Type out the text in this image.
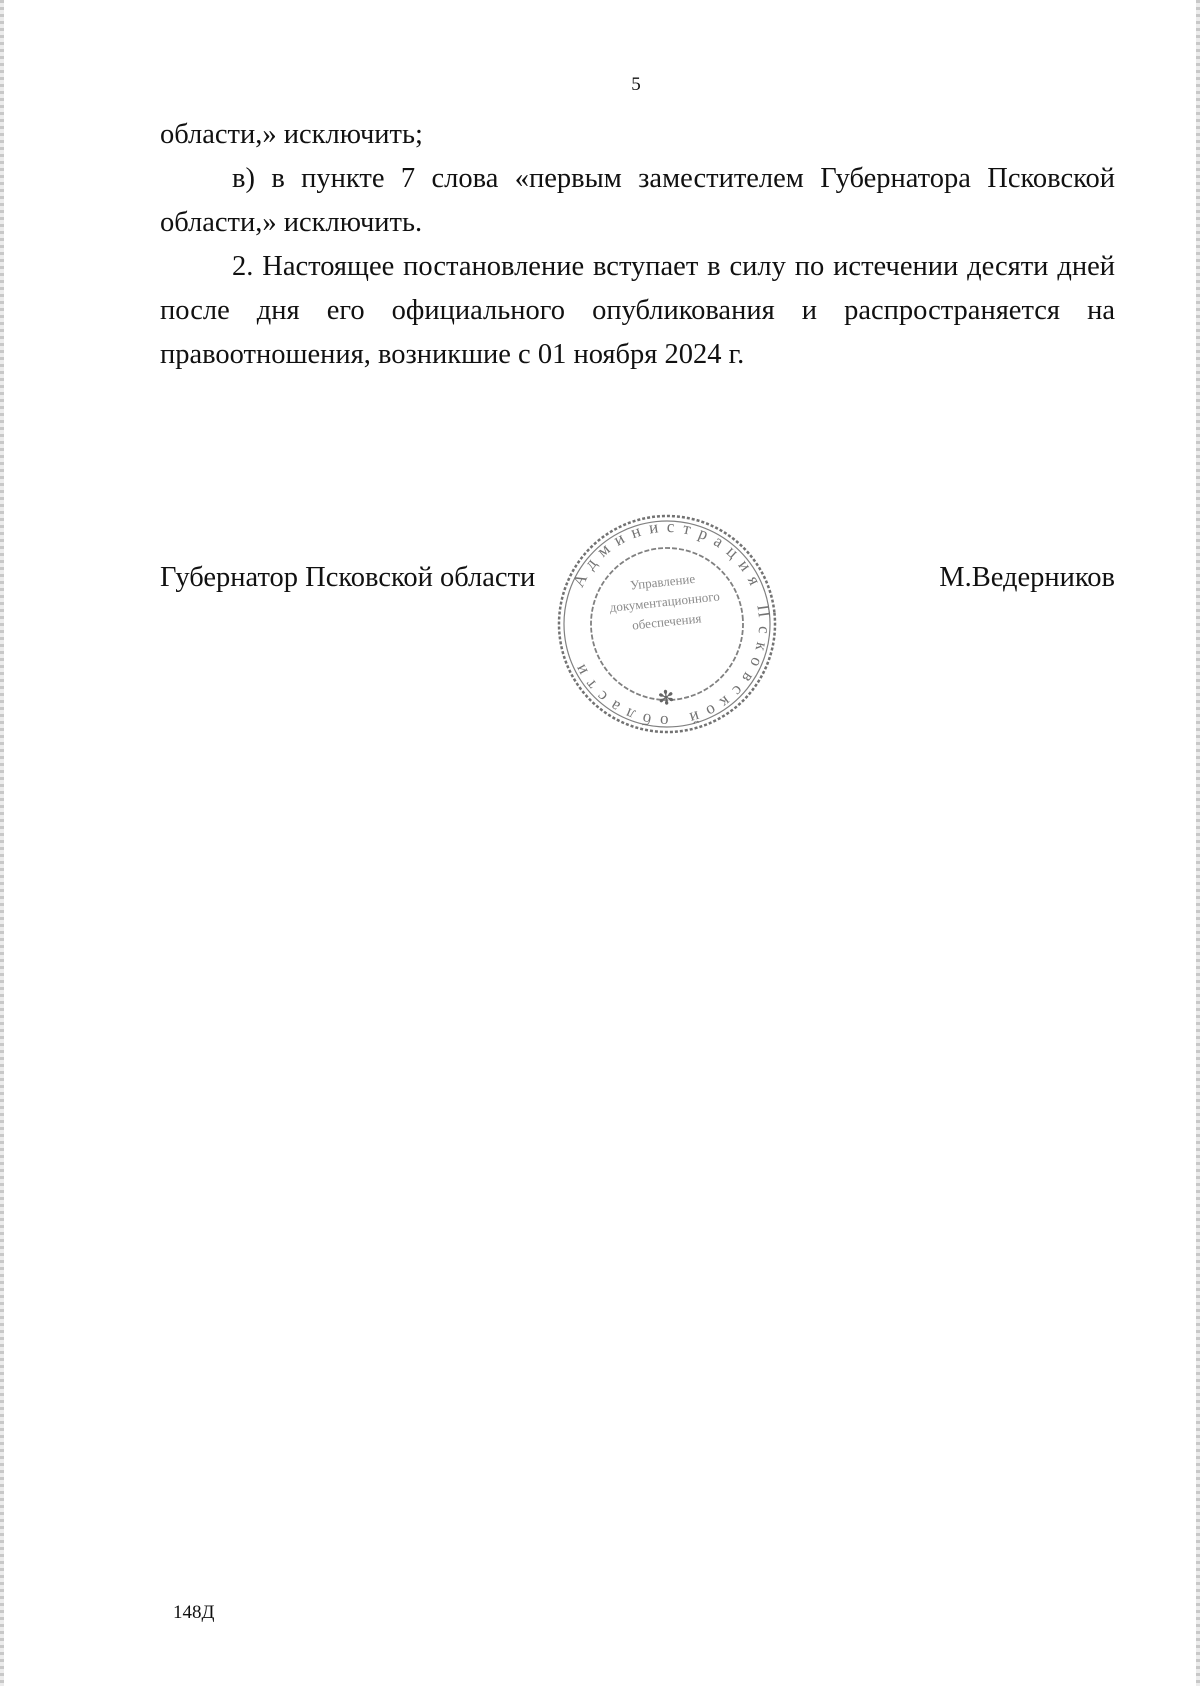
5

области,» исключить;

в) в пункте 7 слова «первым заместителем Губернатора Псковской области,» исключить.

2. Настоящее постановление вступает в силу по истечении десяти дней после дня его официального опубликования и распространяется на правоотношения, возникшие с 01 ноября 2024 г.

Губернатор Псковской области	М.Ведерников
Администрация Псковской области
Управление
документационного
обеспечения
✻
148Д
